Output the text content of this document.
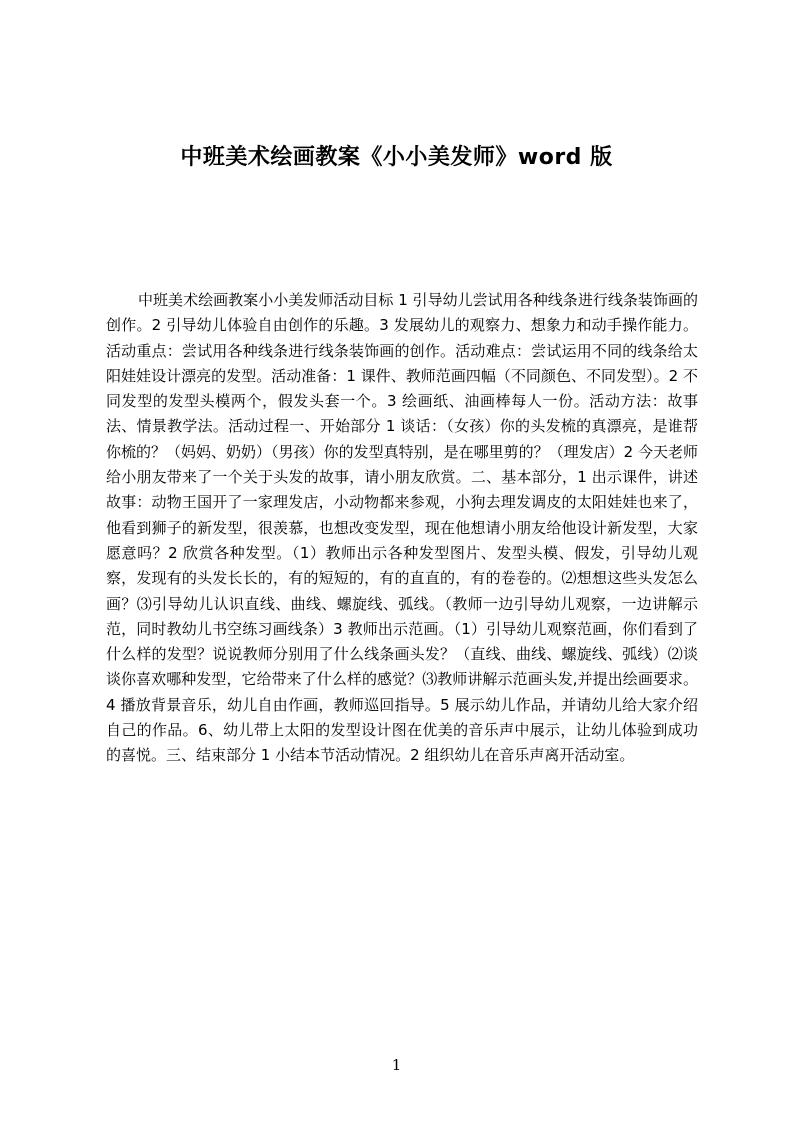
中班美术绘画教案《小小美发师》word 版

中班美术绘画教案小小美发师活动目标 1 引导幼儿尝试用各种线条进行线条装饰画的创作。2 引导幼儿体验自由创作的乐趣。3 发展幼儿的观察力、想象力和动手操作能力。活动重点：尝试用各种线条进行线条装饰画的创作。活动难点：尝试运用不同的线条给太阳娃娃设计漂亮的发型。活动准备：1 课件、教师范画四幅（不同颜色、不同发型）。2 不同发型的发型头模两个，假发头套一个。3 绘画纸、油画棒每人一份。活动方法：故事法、情景教学法。活动过程一、开始部分 1 谈话：（女孩）你的头发梳的真漂亮，是谁帮你梳的？（妈妈、奶奶）（男孩）你的发型真特别，是在哪里剪的？（理发店）2 今天老师给小朋友带来了一个关于头发的故事，请小朋友欣赏。二、基本部分，1 出示课件，讲述故事：动物王国开了一家理发店，小动物都来参观，小狗去理发调皮的太阳娃娃也来了，他看到狮子的新发型，很羡慕，也想改变发型，现在他想请小朋友给他设计新发型，大家愿意吗？2 欣赏各种发型。（1）教师出示各种发型图片、发型头模、假发，引导幼儿观察，发现有的头发长长的，有的短短的，有的直直的，有的卷卷的。⑵想想这些头发怎么画？⑶引导幼儿认识直线、曲线、螺旋线、弧线。（教师一边引导幼儿观察，一边讲解示范，同时教幼儿书空练习画线条）3 教师出示范画。（1）引导幼儿观察范画，你们看到了什么样的发型？说说教师分别用了什么线条画头发？（直线、曲线、螺旋线、弧线）⑵谈谈你喜欢哪种发型，它给带来了什么样的感觉？⑶教师讲解示范画头发,并提出绘画要求。 4 播放背景音乐，幼儿自由作画，教师巡回指导。5 展示幼儿作品，并请幼儿给大家介绍自己的作品。6、幼儿带上太阳的发型设计图在优美的音乐声中展示，让幼儿体验到成功的喜悦。三、结束部分 1 小结本节活动情况。2 组织幼儿在音乐声离开活动室。

1
